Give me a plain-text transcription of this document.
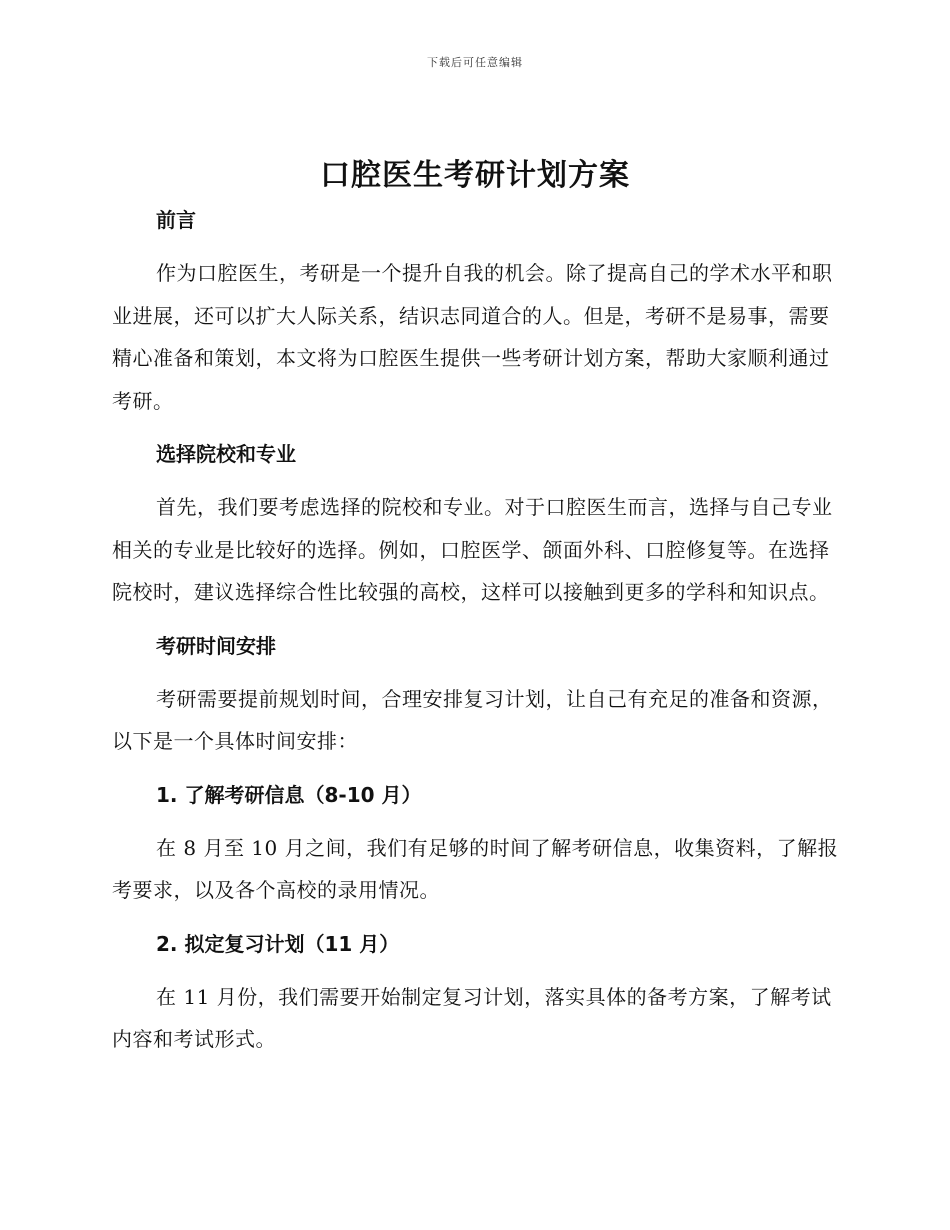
下载后可任意编辑
口腔医生考研计划方案
前言

作为口腔医生，考研是一个提升自我的机会。除了提高自己的学术水平和职业进展，还可以扩大人际关系，结识志同道合的人。但是，考研不是易事，需要精心准备和策划，本文将为口腔医生提供一些考研计划方案，帮助大家顺利通过考研。

选择院校和专业

首先，我们要考虑选择的院校和专业。对于口腔医生而言，选择与自己专业相关的专业是比较好的选择。例如，口腔医学、颌面外科、口腔修复等。在选择院校时，建议选择综合性比较强的高校，这样可以接触到更多的学科和知识点。

考研时间安排

考研需要提前规划时间，合理安排复习计划，让自己有充足的准备和资源，以下是一个具体时间安排：

1. 了解考研信息（8-10 月）

在 8 月至 10 月之间，我们有足够的时间了解考研信息，收集资料，了解报考要求，以及各个高校的录用情况。

2. 拟定复习计划（11 月）

在 11 月份，我们需要开始制定复习计划，落实具体的备考方案，了解考试内容和考试形式。
